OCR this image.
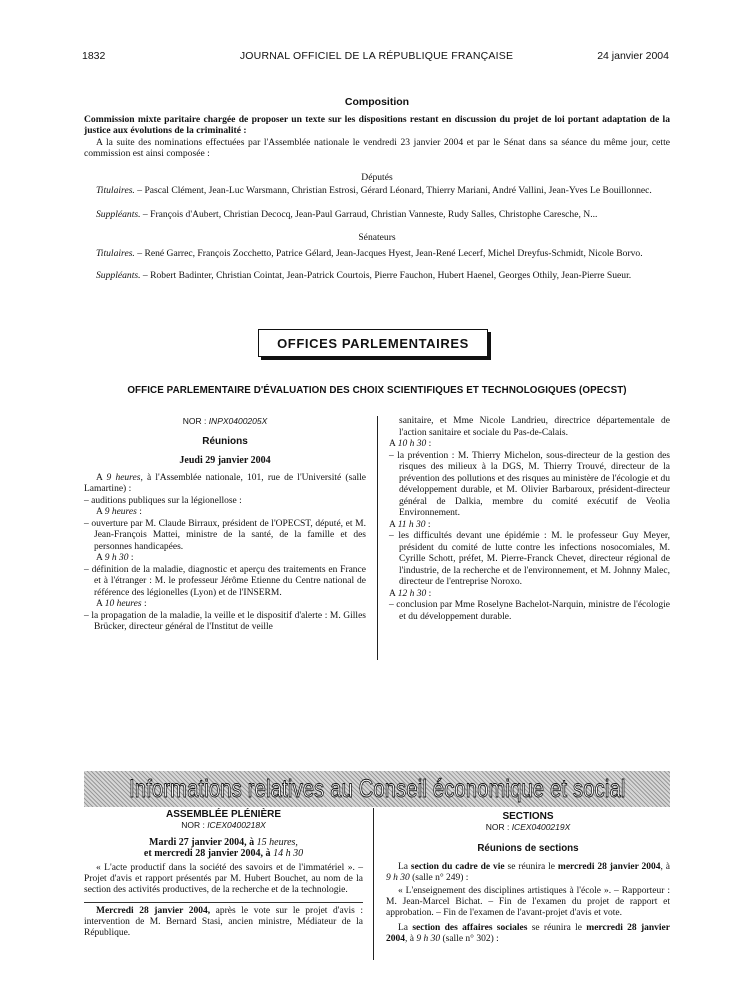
1832	JOURNAL OFFICIEL DE LA RÉPUBLIQUE FRANÇAISE	24 janvier 2004
Composition
Commission mixte paritaire chargée de proposer un texte sur les dispositions restant en discussion du projet de loi portant adaptation de la justice aux évolutions de la criminalité :
A la suite des nominations effectuées par l'Assemblée nationale le vendredi 23 janvier 2004 et par le Sénat dans sa séance du même jour, cette commission est ainsi composée :
Députés

Titulaires. – Pascal Clément, Jean-Luc Warsmann, Christian Estrosi, Gérard Léonard, Thierry Mariani, André Vallini, Jean-Yves Le Bouillonnec.

Suppléants. – François d'Aubert, Christian Decocq, Jean-Paul Garraud, Christian Vanneste, Rudy Salles, Christophe Caresche, N...

Sénateurs

Titulaires. – René Garrec, François Zocchetto, Patrice Gélard, Jean-Jacques Hyest, Jean-René Lecerf, Michel Dreyfus-Schmidt, Nicole Borvo.

Suppléants. – Robert Badinter, Christian Cointat, Jean-Patrick Courtois, Pierre Fauchon, Hubert Haenel, Georges Othily, Jean-Pierre Sueur.

OFFICES PARLEMENTAIRES
OFFICE PARLEMENTAIRE D'ÉVALUATION DES CHOIX SCIENTIFIQUES ET TECHNOLOGIQUES (OPECST)
NOR : INPX0400205X
Réunions
Jeudi 29 janvier 2004

A 9 heures, à l'Assemblée nationale, 101, rue de l'Université (salle Lamartine) :

– auditions publiques sur la légionellose :

A 9 heures :

– ouverture par M. Claude Birraux, président de l'OPECST, député, et M. Jean-François Mattei, ministre de la santé, de la famille et des personnes handicapées.

A 9 h 30 :

– définition de la maladie, diagnostic et aperçu des traitements en France et à l'étranger : M. le professeur Jérôme Etienne du Centre national de référence des légionelles (Lyon) et de l'INSERM.

A 10 heures :

– la propagation de la maladie, la veille et le dispositif d'alerte : M. Gilles Brücker, directeur général de l'Institut de veille

sanitaire, et Mme Nicole Landrieu, directrice départementale de l'action sanitaire et sociale du Pas-de-Calais.

A 10 h 30 :

– la prévention : M. Thierry Michelon, sous-directeur de la gestion des risques des milieux à la DGS, M. Thierry Trouvé, directeur de la prévention des pollutions et des risques au ministère de l'écologie et du développement durable, et M. Olivier Barbaroux, président-directeur général de Dalkia, membre du comité exécutif de Veolia Environnement.

A 11 h 30 :

– les difficultés devant une épidémie : M. le professeur Guy Meyer, président du comité de lutte contre les infections nosocomiales, M. Cyrille Schott, préfet, M. Pierre-Franck Chevet, directeur régional de l'industrie, de la recherche et de l'environnement, et M. Johnny Malec, directeur de l'entreprise Noroxo.

A 12 h 30 :

– conclusion par Mme Roselyne Bachelot-Narquin, ministre de l'écologie et du développement durable.

Informations relatives au Conseil économique et social
ASSEMBLÉE PLÉNIÈRE
NOR : ICEX0400218X
Mardi 27 janvier 2004, à 15 heures,
et mercredi 28 janvier 2004, à 14 h 30

« L'acte productif dans la société des savoirs et de l'immatériel ». – Projet d'avis et rapport présentés par M. Hubert Bouchet, au nom de la section des activités productives, de la recherche et de la technologie.

Mercredi 28 janvier 2004, après le vote sur le projet d'avis : intervention de M. Bernard Stasi, ancien ministre, Médiateur de la République.

SECTIONS
NOR : ICEX0400219X
Réunions de sections

La section du cadre de vie se réunira le mercredi 28 janvier 2004, à 9 h 30 (salle n° 249) :

« L'enseignement des disciplines artistiques à l'école ». – Rapporteur : M. Jean-Marcel Bichat. – Fin de l'examen du projet de rapport et approbation. – Fin de l'examen de l'avant-projet d'avis et vote.

La section des affaires sociales se réunira le mercredi 28 janvier 2004, à 9 h 30 (salle n° 302) :
